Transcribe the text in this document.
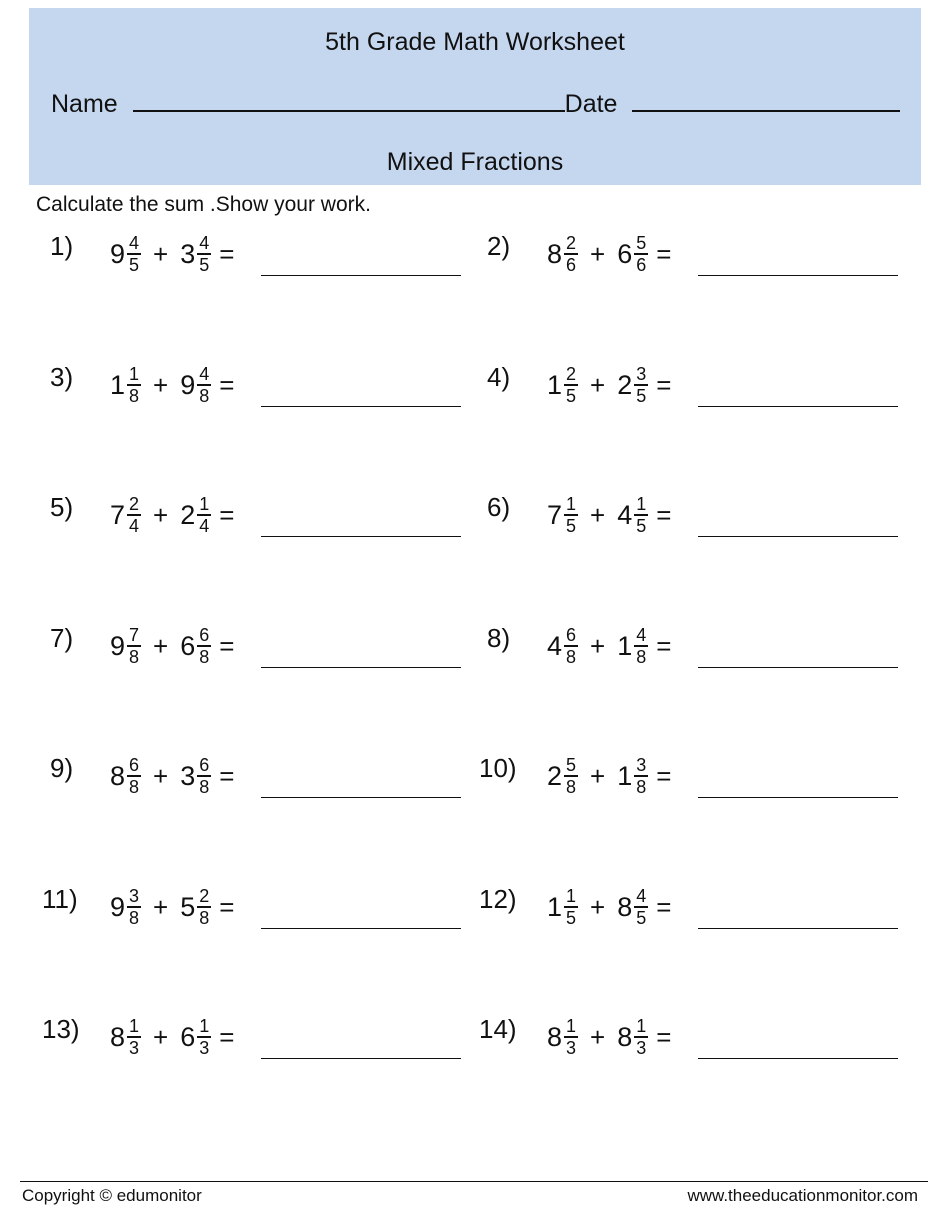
5th Grade Math Worksheet
Name	Date
Mixed Fractions
Calculate the sum .Show your work.
1) $9 \frac{4}{5} + 3 \frac{4}{5}$ =	2) $8 \frac{2}{6} + 6 \frac{5}{6}$ =
3) $1 \frac{1}{8} + 9 \frac{4}{8}$ =	4) $1 \frac{2}{5} + 2 \frac{3}{5}$ =
5) $7 \frac{2}{4} + 2 \frac{1}{4}$ =	6) $7 \frac{1}{5} + 4 \frac{1}{5}$ =
7) $9 \frac{7}{8} + 6 \frac{6}{8}$ =	8) $4 \frac{6}{8} + 1 \frac{4}{8}$ =
9) $8 \frac{6}{8} + 3 \frac{6}{8}$ =	10) $2 \frac{5}{8} + 1 \frac{3}{8}$ =
11) $9 \frac{3}{8} + 5 \frac{2}{8}$ =	12) $1 \frac{1}{5} + 8 \frac{4}{5}$ =
13) $8 \frac{1}{3} + 6 \frac{1}{3}$ =	14) $8 \frac{1}{3} + 8 \frac{1}{3}$ =
Copyright © edumonitor	www.theeducationmonitor.com
